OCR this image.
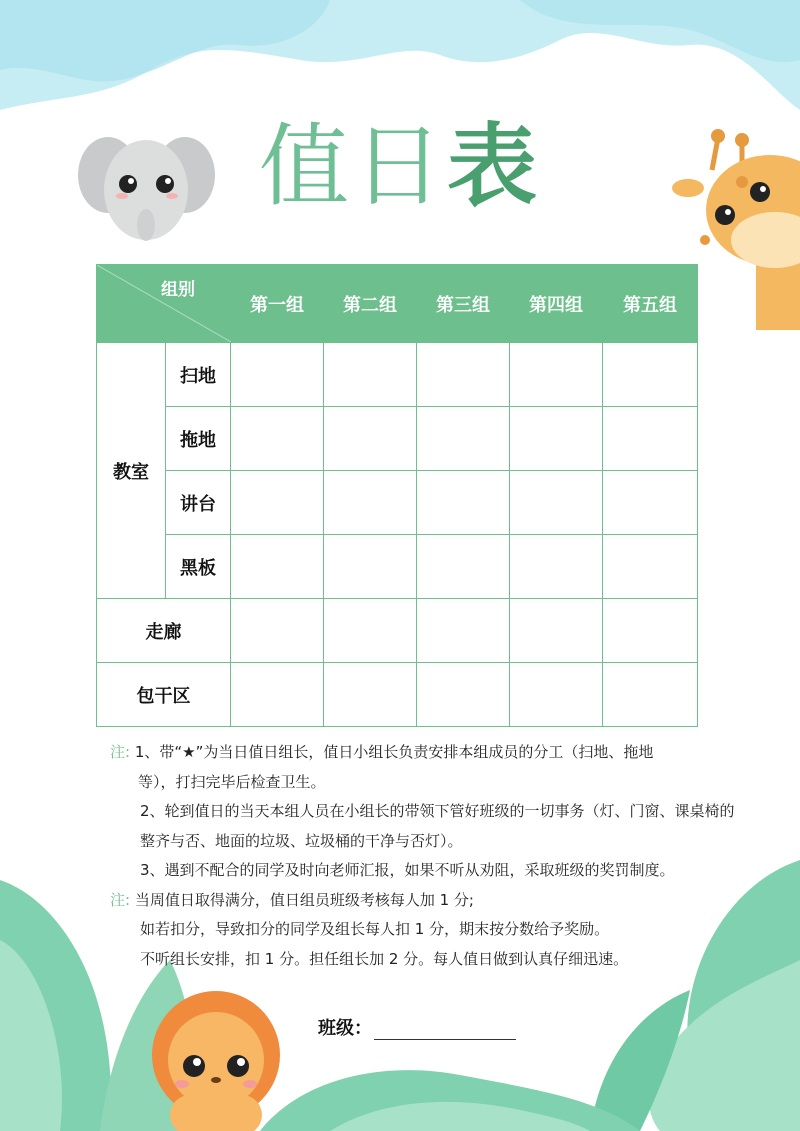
值日表
组别		第一组	第二组	第三组	第四组	第五组
教室	扫地					
	拖地					
	讲台					
	黑板					
走廊						
包干区						

注: 1、带“★”为当日值日组长，值日小组长负责安排本组成员的分工（扫地、拖地

等），打扫完毕后检查卫生。

2、轮到值日的当天本组人员在小组长的带领下管好班级的一切事务（灯、门窗、课桌椅的

整齐与否、地面的垃圾、垃圾桶的干净与否灯）。

3、遇到不配合的同学及时向老师汇报，如果不听从劝阻，采取班级的奖罚制度。

注: 当周值日取得满分，值日组员班级考核每人加 1 分;

如若扣分，导致扣分的同学及组长每人扣 1 分，期末按分数给予奖励。

不听组长安排，扣 1 分。担任组长加 2 分。每人值日做到认真仔细迅速。

班级：
